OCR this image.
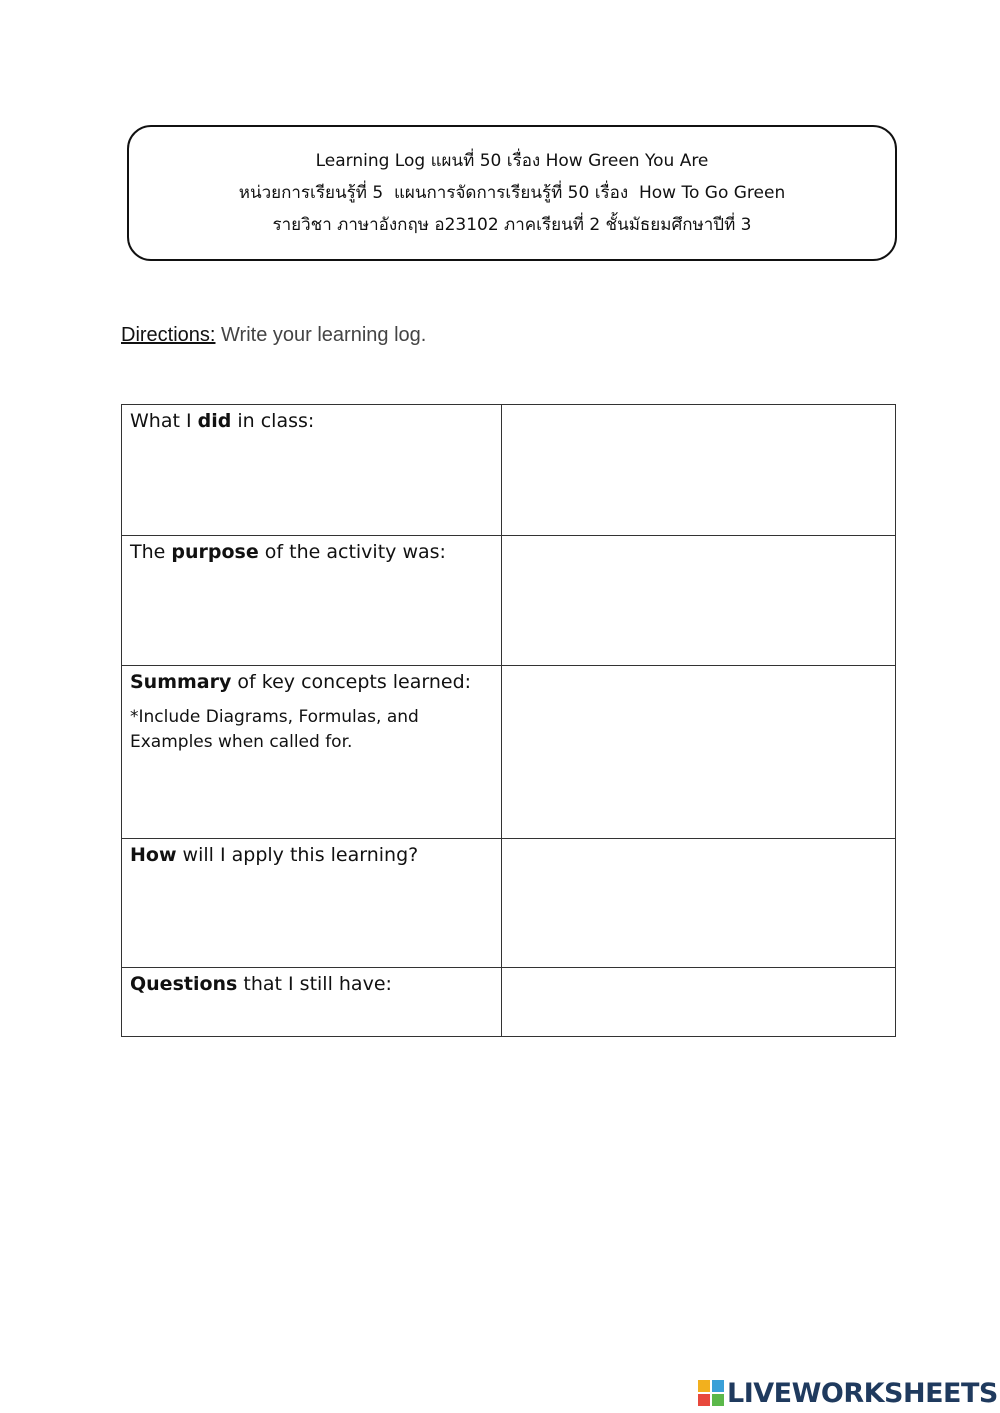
Learning Log แผนที่ 50 เรื่อง How Green You Are
หน่วยการเรียนรู้ที่ 5  แผนการจัดการเรียนรู้ที่ 50 เรื่อง  How To Go Green
รายวิชา ภาษาอังกฤษ อ23102 ภาคเรียนที่ 2 ชั้นมัธยมศึกษาปีที่ 3
Directions: Write your learning log.
What I did in class:	
The purpose of the activity was:	
Summary of key concepts learned:
*Include Diagrams, Formulas, and Examples when called for.	

How will I apply this learning?	
Questions that I still have:	
LIVEWORKSHEETS
